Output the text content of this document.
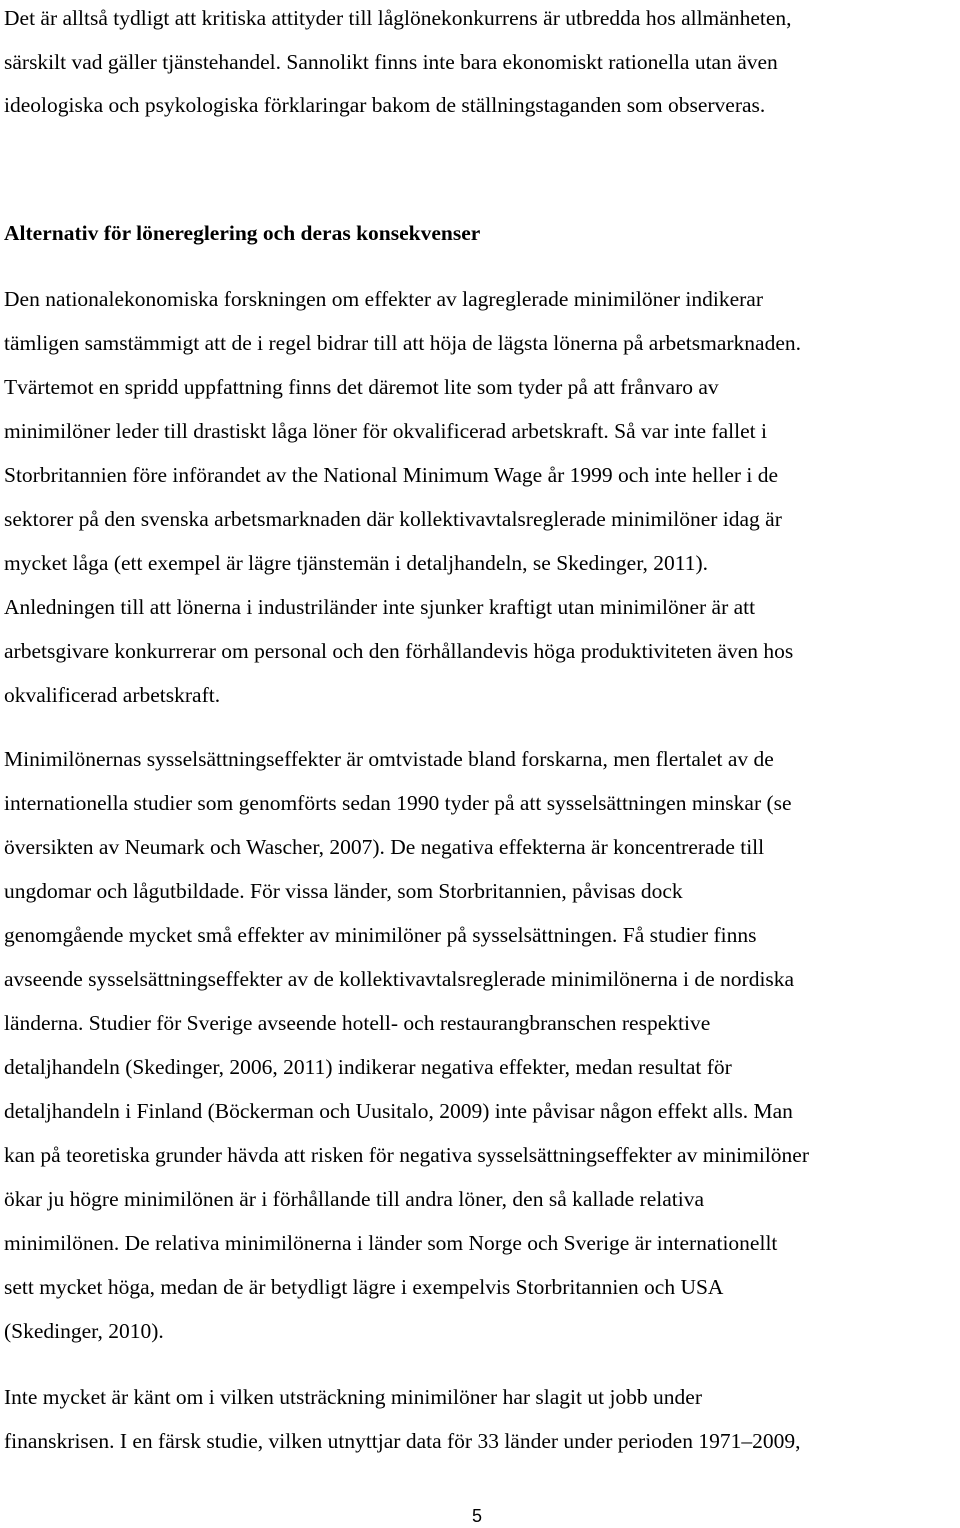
Det är alltså tydligt att kritiska attityder till låglönekonkurrens är utbredda hos allmänheten,
särskilt vad gäller tjänstehandel. Sannolikt finns inte bara ekonomiskt rationella utan även
ideologiska och psykologiska förklaringar bakom de ställningstaganden som observeras.
Alternativ för lönereglering och deras konsekvenser
Den nationalekonomiska forskningen om effekter av lagreglerade minimilöner indikerar
tämligen samstämmigt att de i regel bidrar till att höja de lägsta lönerna på arbetsmarknaden.
Tvärtemot en spridd uppfattning finns det däremot lite som tyder på att frånvaro av
minimilöner leder till drastiskt låga löner för okvalificerad arbetskraft. Så var inte fallet i
Storbritannien före införandet av the National Minimum Wage år 1999 och inte heller i de
sektorer på den svenska arbetsmarknaden där kollektivavtalsreglerade minimilöner idag är
mycket låga (ett exempel är lägre tjänstemän i detaljhandeln, se Skedinger, 2011).
Anledningen till att lönerna i industriländer inte sjunker kraftigt utan minimilöner är att
arbetsgivare konkurrerar om personal och den förhållandevis höga produktiviteten även hos
okvalificerad arbetskraft.
Minimilönernas sysselsättningseffekter är omtvistade bland forskarna, men flertalet av de
internationella studier som genomförts sedan 1990 tyder på att sysselsättningen minskar (se
översikten av Neumark och Wascher, 2007). De negativa effekterna är koncentrerade till
ungdomar och lågutbildade. För vissa länder, som Storbritannien, påvisas dock
genomgående mycket små effekter av minimilöner på sysselsättningen. Få studier finns
avseende sysselsättningseffekter av de kollektivavtalsreglerade minimilönerna i de nordiska
länderna. Studier för Sverige avseende hotell- och restaurangbranschen respektive
detaljhandeln (Skedinger, 2006, 2011) indikerar negativa effekter, medan resultat för
detaljhandeln i Finland (Böckerman och Uusitalo, 2009) inte påvisar någon effekt alls. Man
kan på teoretiska grunder hävda att risken för negativa sysselsättningseffekter av minimilöner
ökar ju högre minimilönen är i förhållande till andra löner, den så kallade relativa
minimilönen. De relativa minimilönerna i länder som Norge och Sverige är internationellt
sett mycket höga, medan de är betydligt lägre i exempelvis Storbritannien och USA
(Skedinger, 2010).
Inte mycket är känt om i vilken utsträckning minimilöner har slagit ut jobb under
finanskrisen. I en färsk studie, vilken utnyttjar data för 33 länder under perioden 1971–2009,
5
